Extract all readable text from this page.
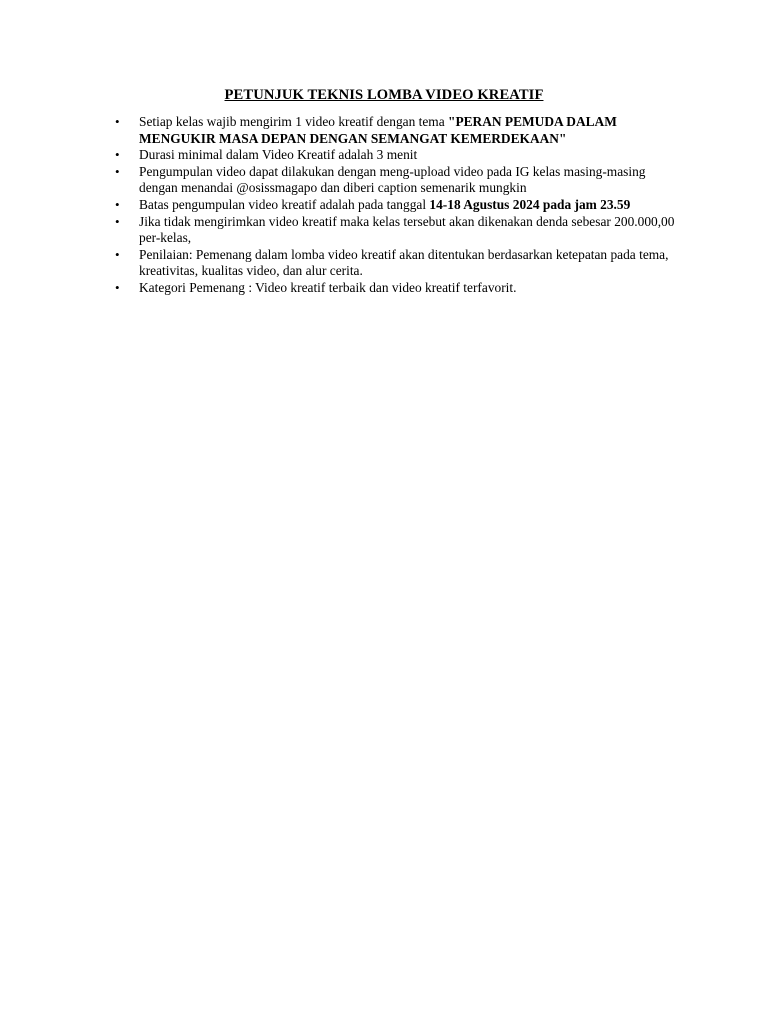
PETUNJUK TEKNIS LOMBA VIDEO KREATIF
• Setiap kelas wajib mengirim 1 video kreatif dengan tema "PERAN PEMUDA DALAM MENGUKIR MASA DEPAN DENGAN SEMANGAT KEMERDEKAAN"
• Durasi minimal dalam Video Kreatif adalah 3 menit
• Pengumpulan video dapat dilakukan dengan meng-upload video pada IG kelas masing-masing dengan menandai @osissmagapo dan diberi caption semenarik mungkin
• Batas pengumpulan video kreatif adalah pada tanggal 14-18 Agustus 2024 pada jam 23.59
• Jika tidak mengirimkan video kreatif maka kelas tersebut akan dikenakan denda sebesar 200.000,00 per-kelas,
• Penilaian: Pemenang dalam lomba video kreatif akan ditentukan berdasarkan ketepatan pada tema, kreativitas, kualitas video, dan alur cerita.
• Kategori Pemenang : Video kreatif terbaik dan video kreatif terfavorit.
